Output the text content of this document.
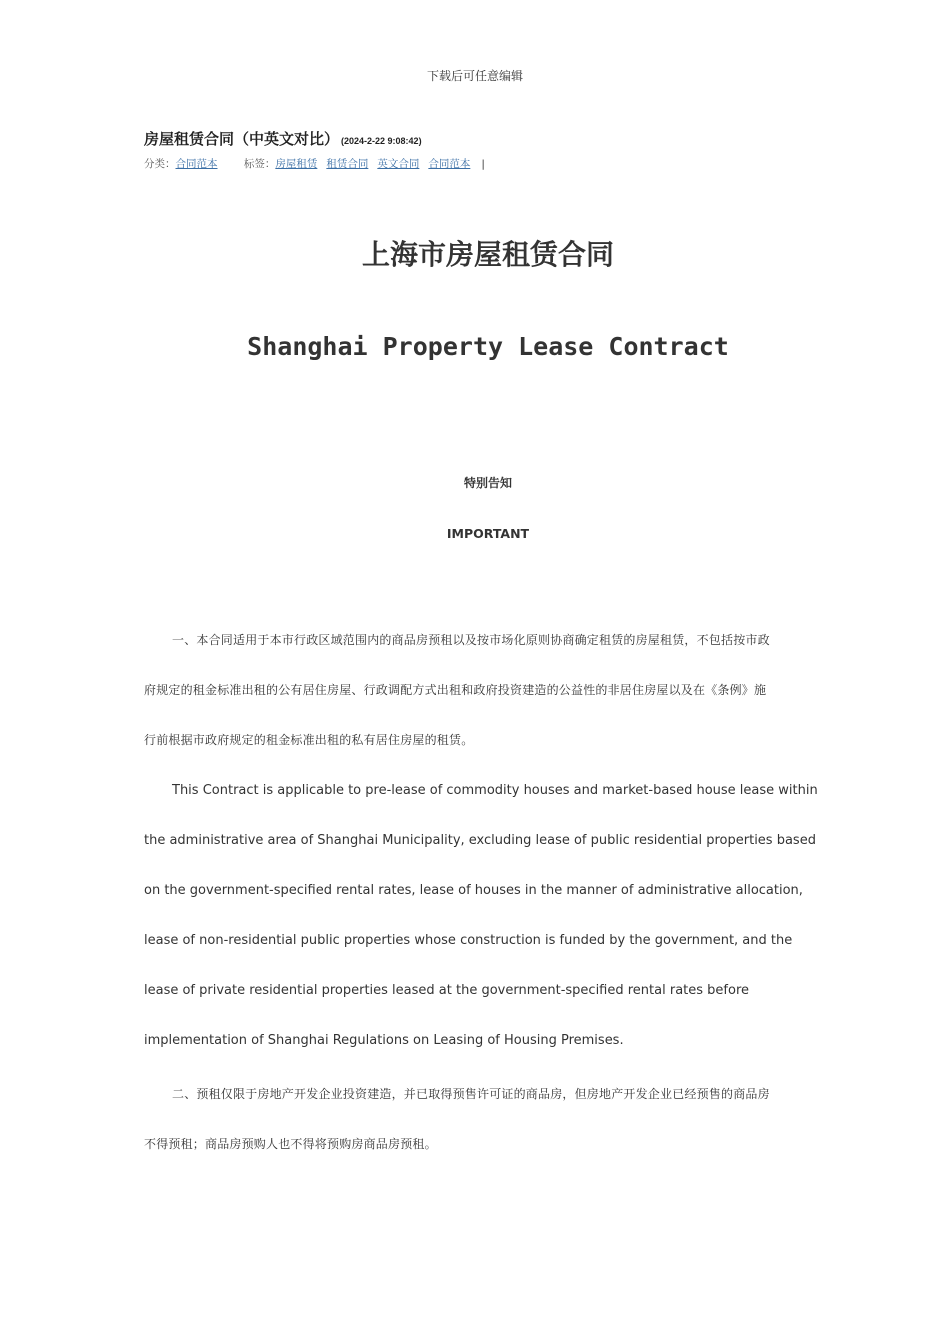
下载后可任意编辑
房屋租赁合同（中英文对比） (2024-2-22 9:08:42)
分类：合同范本	标签：房屋租赁 租赁合同 英文合同 合同范本 |
上海市房屋租赁合同
Shanghai Property Lease Contract
特别告知
IMPORTANT
一、本合同适用于本市行政区域范围内的商品房预租以及按市场化原则协商确定租赁的房屋租赁，不包括按市政
府规定的租金标准出租的公有居住房屋、行政调配方式出租和政府投资建造的公益性的非居住房屋以及在《条例》施
行前根据市政府规定的租金标准出租的私有居住房屋的租赁。
This Contract is applicable to pre-lease of commodity houses and market-based house lease within
the administrative area of Shanghai Municipality, excluding lease of public residential properties based
on the government-specified rental rates, lease of houses in the manner of administrative allocation,
lease of non-residential public properties whose construction is funded by the government, and the
lease of private residential properties leased at the government-specified rental rates before
implementation of Shanghai Regulations on Leasing of Housing Premises.
二、预租仅限于房地产开发企业投资建造，并已取得预售许可证的商品房，但房地产开发企业已经预售的商品房
不得预租；商品房预购人也不得将预购房商品房预租。
